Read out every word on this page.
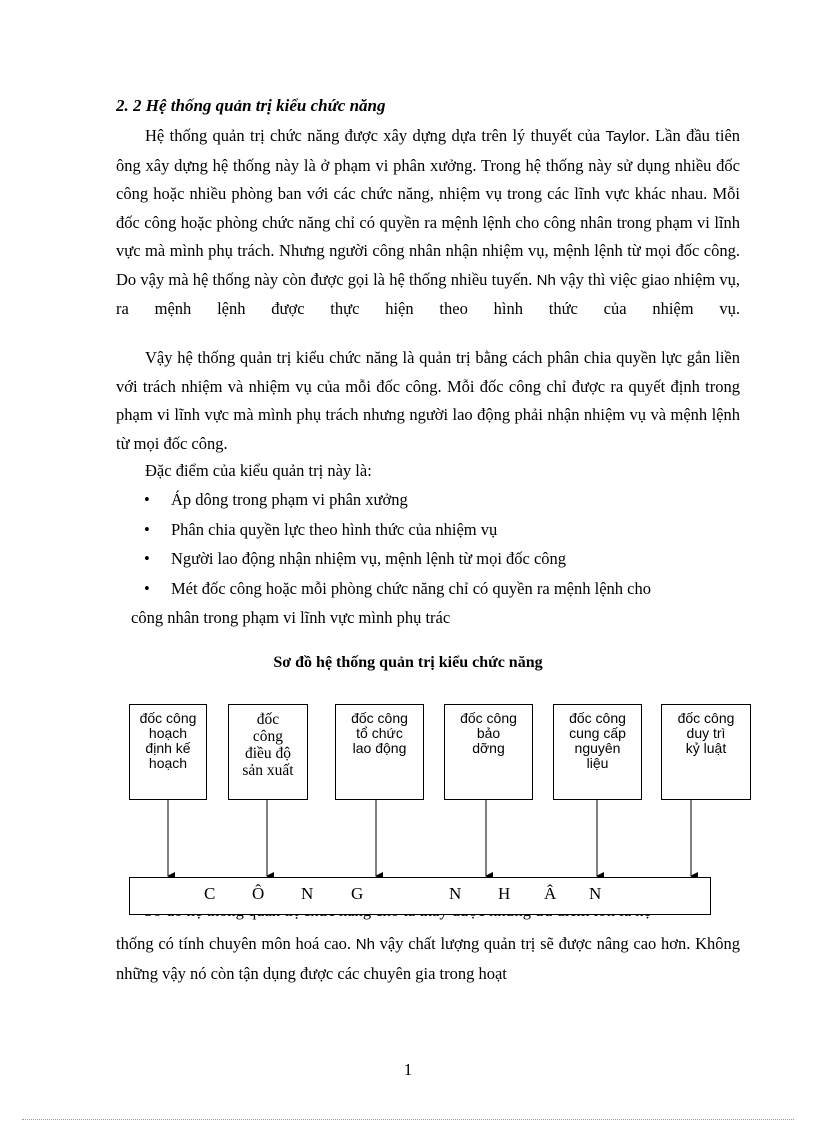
2. 2 Hệ thống quản trị kiểu chức năng
Hệ thống quản trị chức năng được xây dựng dựa trên lý thuyết của Taylor. Lần đầu tiên ông xây dựng hệ thống này là ở phạm vi phân xưởng. Trong hệ thống này sử dụng nhiều đốc công hoặc nhiều phòng ban với các chức năng, nhiệm vụ trong các lĩnh vực khác nhau. Mỗi đốc công hoặc phòng chức năng chỉ có quyền ra mệnh lệnh cho công nhân trong phạm vi lĩnh vực mà mình phụ trách. Nhưng người công nhân nhận nhiệm vụ, mệnh lệnh từ mọi đốc công. Do vậy mà hệ thống này còn được gọi là hệ thống nhiều tuyến. Nh vậy thì việc giao nhiệm vụ, ra mệnh lệnh được thực hiện theo hình thức của nhiệm vụ.
Vậy hệ thống quản trị kiểu chức năng là quản trị bằng cách phân chia quyền lực gắn liền với trách nhiệm và nhiệm vụ của mỗi đốc công. Mỗi đốc công chỉ được ra quyết định trong phạm vi lĩnh vực mà mình phụ trách nhưng người lao động phải nhận nhiệm vụ và mệnh lệnh từ mọi đốc công.
Đặc điểm của kiểu quản trị này là:
• Áp dông trong phạm vi phân xưởng
• Phân chia quyền lực theo hình thức của nhiệm vụ
• Người lao động nhận nhiệm vụ, mệnh lệnh từ mọi đốc công
• Mét đốc công hoặc mỗi phòng chức năng chỉ có quyền ra mệnh lệnh cho
công nhân trong phạm vi lĩnh vực mình phụ trác
Sơ đồ hệ thống quản trị kiểu chức năng
đốc công
hoạch
định kế
hoạch
đốc
công
điều độ
sản xuất
đốc công
tổ chức
lao động
đốc công
bảo
dỡng
đốc công
cung cấp
nguyên
liệu
đốc công
duy trì
kỷ luật
C Ô N G	N H Â N
thống có tính chuyên môn hoá cao. Nh vậy chất lượng quản trị sẽ được nâng cao hơn. Không những vậy nó còn tận dụng được các chuyên gia trong hoạt
1
